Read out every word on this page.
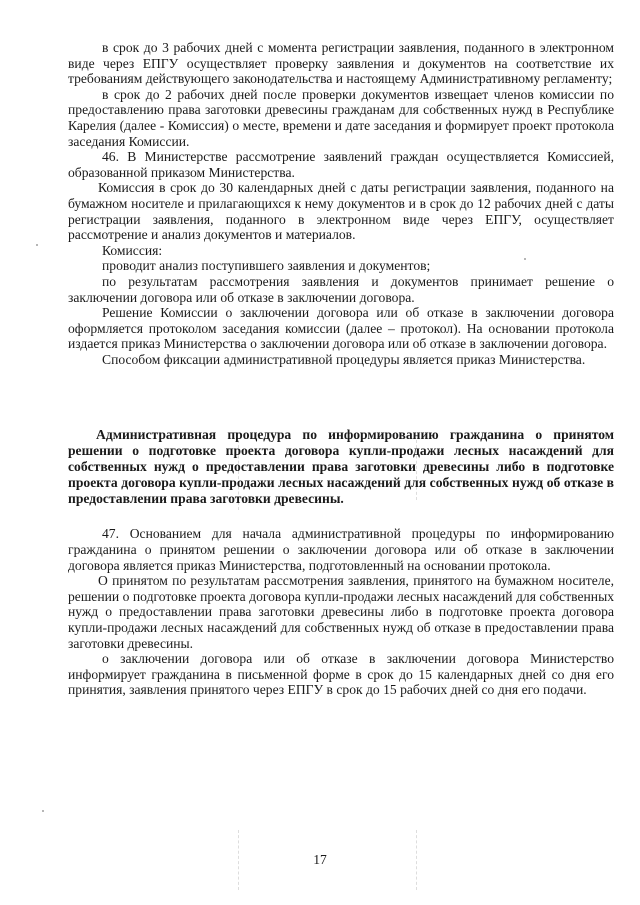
в срок до 3 рабочих дней с момента регистрации заявления, поданного в электронном виде через ЕПГУ осуществляет проверку заявления и документов на соответствие их требованиям действующего законодательства и настоящему Административному регламенту;

в срок до 2 рабочих дней после проверки документов извещает членов комиссии по предоставлению права заготовки древесины гражданам для собственных нужд в Республике Карелия (далее - Комиссия) о месте, времени и дате заседания и формирует проект протокола заседания Комиссии.

46. В Министерстве рассмотрение заявлений граждан осуществляется Комиссией, образованной приказом Министерства.

Комиссия в срок до 30 календарных дней с даты регистрации заявления, поданного на бумажном носителе и прилагающихся к нему документов и в срок до 12 рабочих дней с даты регистрации заявления, поданного в электронном виде через ЕПГУ, осуществляет рассмотрение и анализ документов и материалов.

Комиссия:

проводит анализ поступившего заявления и документов;

по результатам рассмотрения заявления и документов принимает решение о заключении договора или об отказе в заключении договора.

Решение Комиссии о заключении договора или об отказе в заключении договора оформляется протоколом заседания комиссии (далее – протокол). На основании протокола издается приказ Министерства о заключении договора или об отказе в заключении договора.

Способом фиксации административной процедуры является приказ Министерства.

Административная процедура по информированию гражданина о принятом решении о подготовке проекта договора купли-продажи лесных насаждений для собственных нужд о предоставлении права заготовки древесины либо в подготовке проекта договора купли-продажи лесных насаждений для собственных нужд об отказе в предоставлении права заготовки древесины.

47. Основанием для начала административной процедуры по информированию гражданина о принятом решении о заключении договора или об отказе в заключении договора является приказ Министерства, подготовленный на основании протокола.

О принятом по результатам рассмотрения заявления, принятого на бумажном носителе, решении о подготовке проекта договора купли-продажи лесных насаждений для собственных нужд о предоставлении права заготовки древесины либо в подготовке проекта договора купли-продажи лесных насаждений для собственных нужд об отказе в предоставлении права заготовки древесины.

о заключении договора или об отказе в заключении договора Министерство информирует гражданина в письменной форме в срок до 15 календарных дней со дня его принятия, заявления принятого через ЕПГУ в срок до 15 рабочих дней со дня его подачи.

17
